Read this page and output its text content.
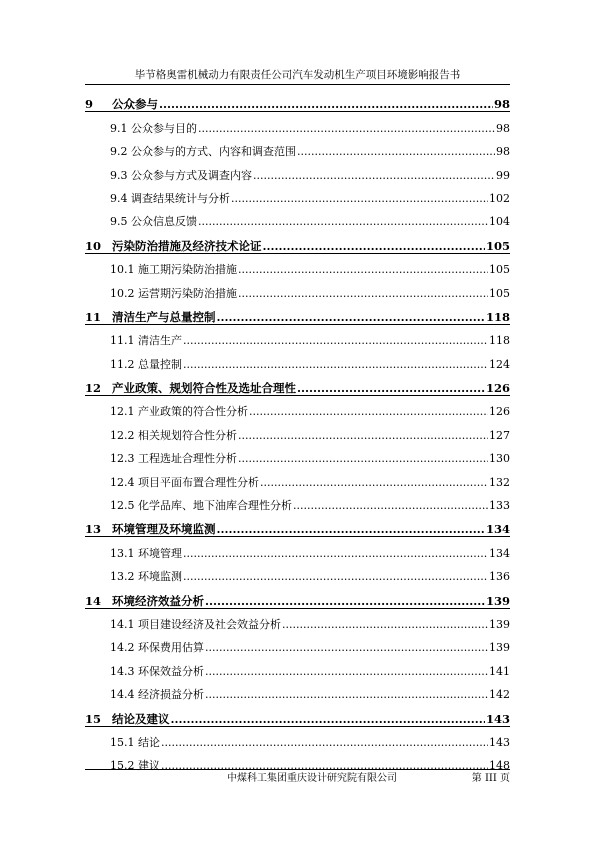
毕节格奥雷机械动力有限责任公司汽车发动机生产项目环境影响报告书
9	公众参与 .....	98
9.1 公众参与目的 .....	98
9.2 公众参与的方式、内容和调查范围 .....	98
9.3 公众参与方式及调查内容 .....	99
9.4 调查结果统计与分析 .....	102
9.5 公众信息反馈 .....	104
10 污染防治措施及经济技术论证 .....	105
10.1 施工期污染防治措施 .....	105
10.2 运营期污染防治措施 .....	105
11 清洁生产与总量控制 .....	118
11.1 清洁生产 .....	118
11.2 总量控制 .....	124
12 产业政策、规划符合性及选址合理性 .....	126
12.1 产业政策的符合性分析 .....	126
12.2 相关规划符合性分析 .....	127
12.3 工程选址合理性分析 .....	130
12.4 项目平面布置合理性分析 .....	132
12.5 化学品库、地下油库合理性分析 .....	133
13 环境管理及环境监测 .....	134
13.1 环境管理 .....	134
13.2 环境监测 .....	136
14 环境经济效益分析 .....	139
14.1 项目建设经济及社会效益分析 .....	139
14.2 环保费用估算 .....	139
14.3 环保效益分析 .....	141
14.4 经济损益分析 .....	142
15 结论及建议 .....	143
15.1 结论 .....	143
15.2 建议 .....	148
中煤科工集团重庆设计研究院有限公司	第 III 页
